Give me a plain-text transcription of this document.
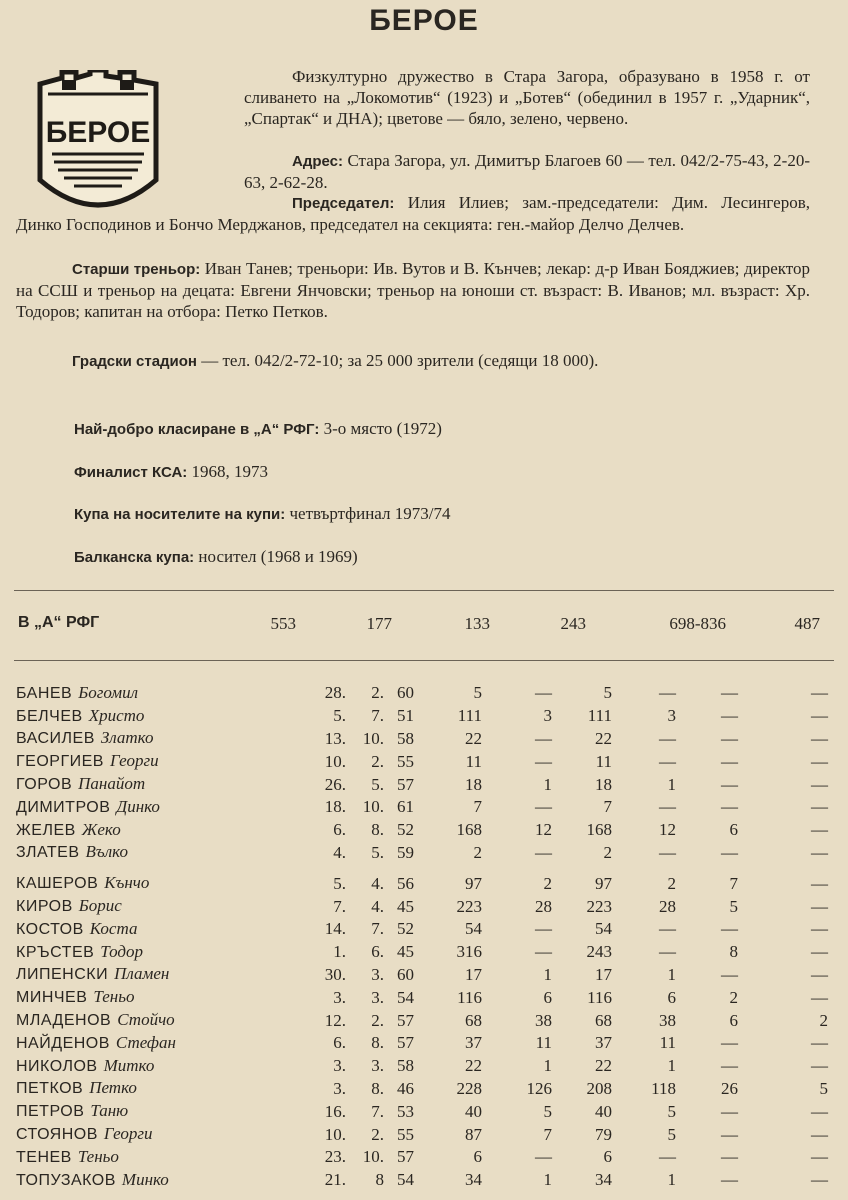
БЕРОЕ
БЕРОЕ
Физкултурно дружество в Стара Загора, образувано в 1958 г. от сливането на „Локомотив“ (1923) и „Ботев“ (обединил в 1957 г. „Ударник“, „Спартак“ и ДНА); цветове — бяло, зелено, червено.
Адрес: Стара Загора, ул. Димитър Благоев 60 — тел. 042/2-75-43, 2-20-63, 2-62-28.
Председател: Илия Илиев; зам.-председатели: Дим. Лесингеров, Динко Господинов и Бончо Мерджанов, председател на секцията: ген.-майор Делчо Делчев.
Старши треньор: Иван Танев; треньори: Ив. Вутов и В. Кънчев; лекар: д-р Иван Бояджиев; директор на ССШ и треньор на децата: Евгени Янчовски; треньор на юноши ст. възраст: В. Иванов; мл. възраст: Хр. Тодоров; капитан на отбора: Петко Петков.
Градски стадион — тел. 042/2-72-10; за 25 000 зрители (седящи 18 000).
Най-добро класиране в „А“ РФГ: 3-о място (1972)
Финалист КСА: 1968, 1973
Купа на носителите на купи: четвъртфинал 1973/74
Балканска купа: носител (1968 и 1969)
В „А“ РФГ	553	177	133	243	698-836	487
БАНЕВ Богомил	28.	2.	60	5	—	5	—	—	—
БЕЛЧЕВ Христо	5.	7.	51	111	3	111	3	—	—
ВАСИЛЕВ Златко	13.	10.	58	22	—	22	—	—	—
ГЕОРГИЕВ Георги	10.	2.	55	11	—	11	—	—	—
ГОРОВ Панайот	26.	5.	57	18	1	18	1	—	—
ДИМИТРОВ Динко	18.	10.	61	7	—	7	—	—	—
ЖЕЛЕВ Жеко	6.	8.	52	168	12	168	12	6	—
ЗЛАТЕВ Вълко	4.	5.	59	2	—	2	—	—	—
КАШЕРОВ Кънчо	5.	4.	56	97	2	97	2	7	—
КИРОВ Борис	7.	4.	45	223	28	223	28	5	—
КОСТОВ Коста	14.	7.	52	54	—	54	—	—	—
КРЪСТЕВ Тодор	1.	6.	45	316	—	243	—	8	—
ЛИПЕНСКИ Пламен	30.	3.	60	17	1	17	1	—	—
МИНЧЕВ Теньо	3.	3.	54	116	6	116	6	2	—
МЛАДЕНОВ Стойчо	12.	2.	57	68	38	68	38	6	2
НАЙДЕНОВ Стефан	6.	8.	57	37	11	37	11	—	—
НИКОЛОВ Митко	3.	3.	58	22	1	22	1	—	—
ПЕТКОВ Петко	3.	8.	46	228	126	208	118	26	5
ПЕТРОВ Таню	16.	7.	53	40	5	40	5	—	—
СТОЯНОВ Георги	10.	2.	55	87	7	79	5	—	—
ТЕНЕВ Теньо	23.	10.	57	6	—	6	—	—	—
ТОПУЗАКОВ Минко	21.	8	54	34	1	34	1	—	—
